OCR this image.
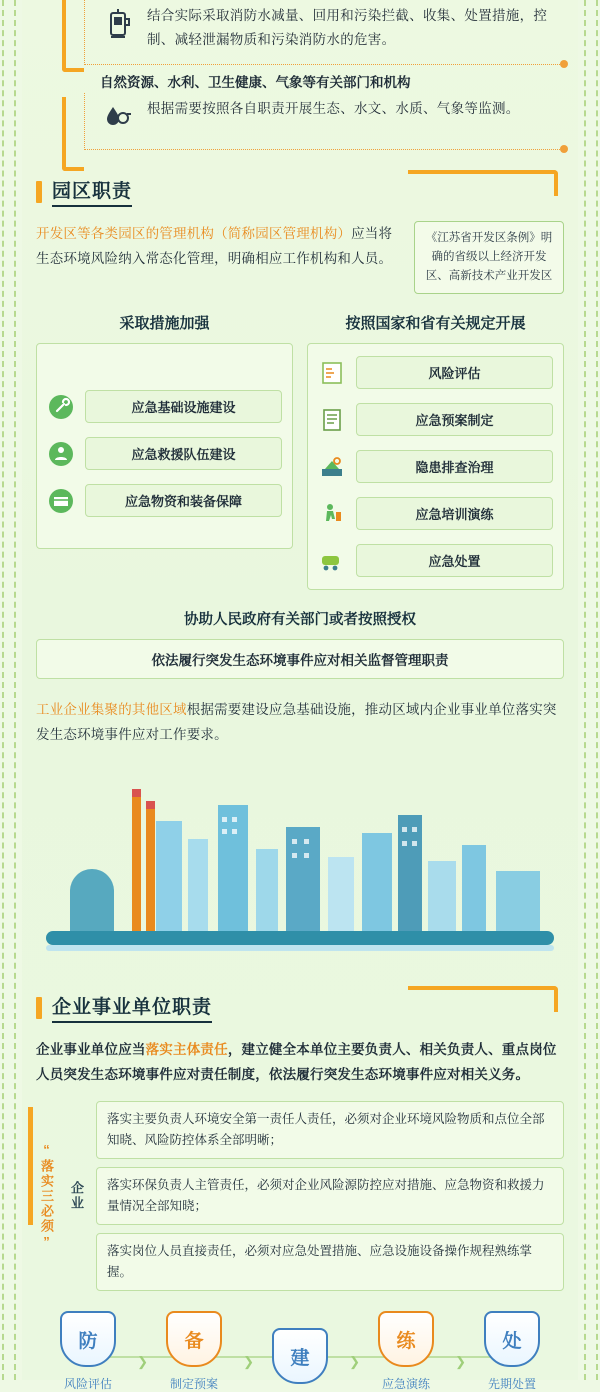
结合实际采取消防水减量、回用和污染拦截、收集、处置措施，控制、减轻泄漏物质和污染消防水的危害。
自然资源、水利、卫生健康、气象等有关部门和机构
根据需要按照各自职责开展生态、水文、水质、气象等监测。
园区职责
开发区等各类园区的管理机构（简称园区管理机构）应当将生态环境风险纳入常态化管理，明确相应工作机构和人员。
《江苏省开发区条例》明确的省级以上经济开发区、高新技术产业开发区
采取措施加强
应急基础设施建设
应急救援队伍建设
应急物资和装备保障
按照国家和省有关规定开展
风险评估
应急预案制定
隐患排查治理
应急培训演练
应急处置
协助人民政府有关部门或者按照授权
依法履行突发生态环境事件应对相关监督管理职责
工业企业集聚的其他区域根据需要建设应急基础设施，推动区域内企业事业单位落实突发生态环境事件应对工作要求。
企业事业单位职责
企业事业单位应当落实主体责任，建立健全本单位主要负责人、相关负责人、重点岗位人员突发生态环境事件应对责任制度，依法履行突发生态环境事件应对相关义务。
“落实三必须” 企业
落实主要负责人环境安全第一责任人责任，必须对企业环境风险物质和点位全部知晓、风险防控体系全部明晰；
落实环保负责人主管责任，必须对企业风险源防控应对措施、应急物资和救援力量情况全部知晓；
落实岗位人员直接责任，必须对应急处置措施、应急设施设备操作规程熟练掌握。
防
风险评估
❯
备
制定预案
❯ 建	❯
练
应急演练
❯
处
先期处置
